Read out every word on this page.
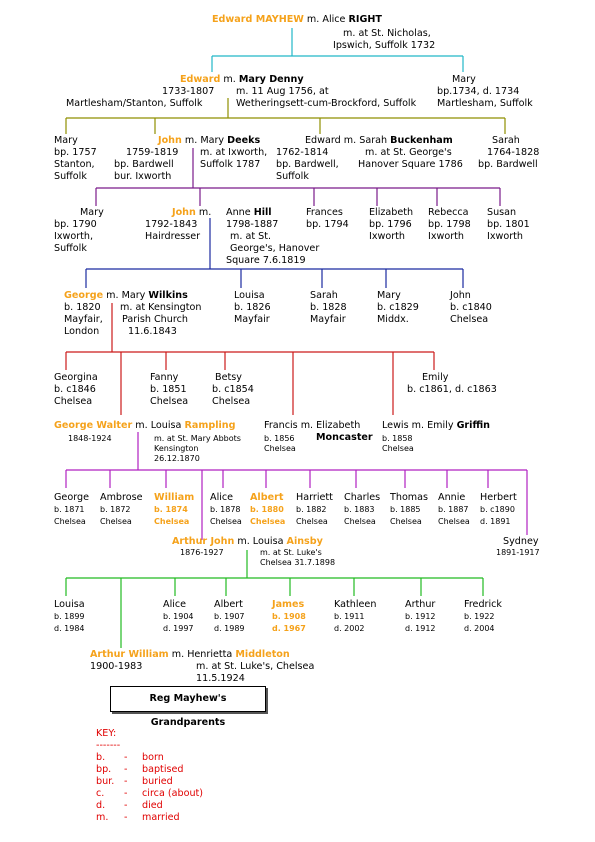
Edward MAYHEW m. Alice RIGHT
m. at St. Nicholas,
Ipswich, Suffolk 1732
Edward m. Mary Denny
1733-1807
Martlesham/Stanton, Suffolk
m. 11 Aug 1756, at
Wetheringsett-cum-Brockford, Suffolk
Mary
bp.1734, d. 1734
Martlesham, Suffolk
Mary
bp. 1757
Stanton,
Suffolk
John m. Mary Deeks
1759-1819
bp. Bardwell
bur. Ixworth
m. at Ixworth,
Suffolk 1787
Edward m. Sarah Buckenham
1762-1814
bp. Bardwell,
Suffolk
m. at St. George's
Hanover Square 1786
Sarah
1764-1828
bp. Bardwell
Mary
bp. 1790
Ixworth,
Suffolk
John m.
1792-1843
Hairdresser
Anne Hill
1798-1887
m. at St.
George's, Hanover
Square 7.6.1819
Frances
bp. 1794
Elizabeth
bp. 1796
Ixworth
Rebecca
bp. 1798
Ixworth
Susan
bp. 1801
Ixworth
George m. Mary Wilkins
b. 1820
Mayfair,
London
m. at Kensington
Parish Church
11.6.1843
Louisa
b. 1826
Mayfair
Sarah
b. 1828
Mayfair
Mary
b. c1829
Middx.
John
b. c1840
Chelsea
Georgina
b. c1846
Chelsea
Fanny
b. 1851
Chelsea
Betsy
b. c1854
Chelsea
Emily
b. c1861, d. c1863
George Walter m. Louisa Rampling
1848-1924	m. at St. Mary Abbots
Kensington
26.12.1870
Francis m. Elizabeth
b. 1856
Chelsea
Moncaster
Lewis m. Emily Griffin
b. 1858
Chelsea
George
b. 1871
Chelsea
Ambrose
b. 1872
Chelsea
William
b. 1874
Chelsea
Alice
b. 1878
Chelsea
Albert
b. 1880
Chelsea
Harriett
b. 1882
Chelsea
Charles
b. 1883
Chelsea
Thomas
b. 1885
Chelsea
Annie
b. 1887
Chelsea
Herbert
b. c1890
d. 1891
Arthur John m. Louisa Ainsby
1876-1927	m. at St. Luke's
Chelsea 31.7.1898
Sydney
1891-1917
Louisa
b. 1899
d. 1984
Alice
b. 1904
d. 1997
Albert
b. 1907
d. 1989
James
b. 1908
d. 1967
Kathleen
b. 1911
d. 2002
Arthur
b. 1912
d. 1912
Fredrick
b. 1922
d. 2004
Arthur William m. Henrietta Middleton
1900-1983	m. at St. Luke's, Chelsea
11.5.1924
Reg Mayhew's Grandparents
KEY:
-------
b. - born
bp. - baptised
bur. - buried
c. - circa (about)
d. - died
m. - married
